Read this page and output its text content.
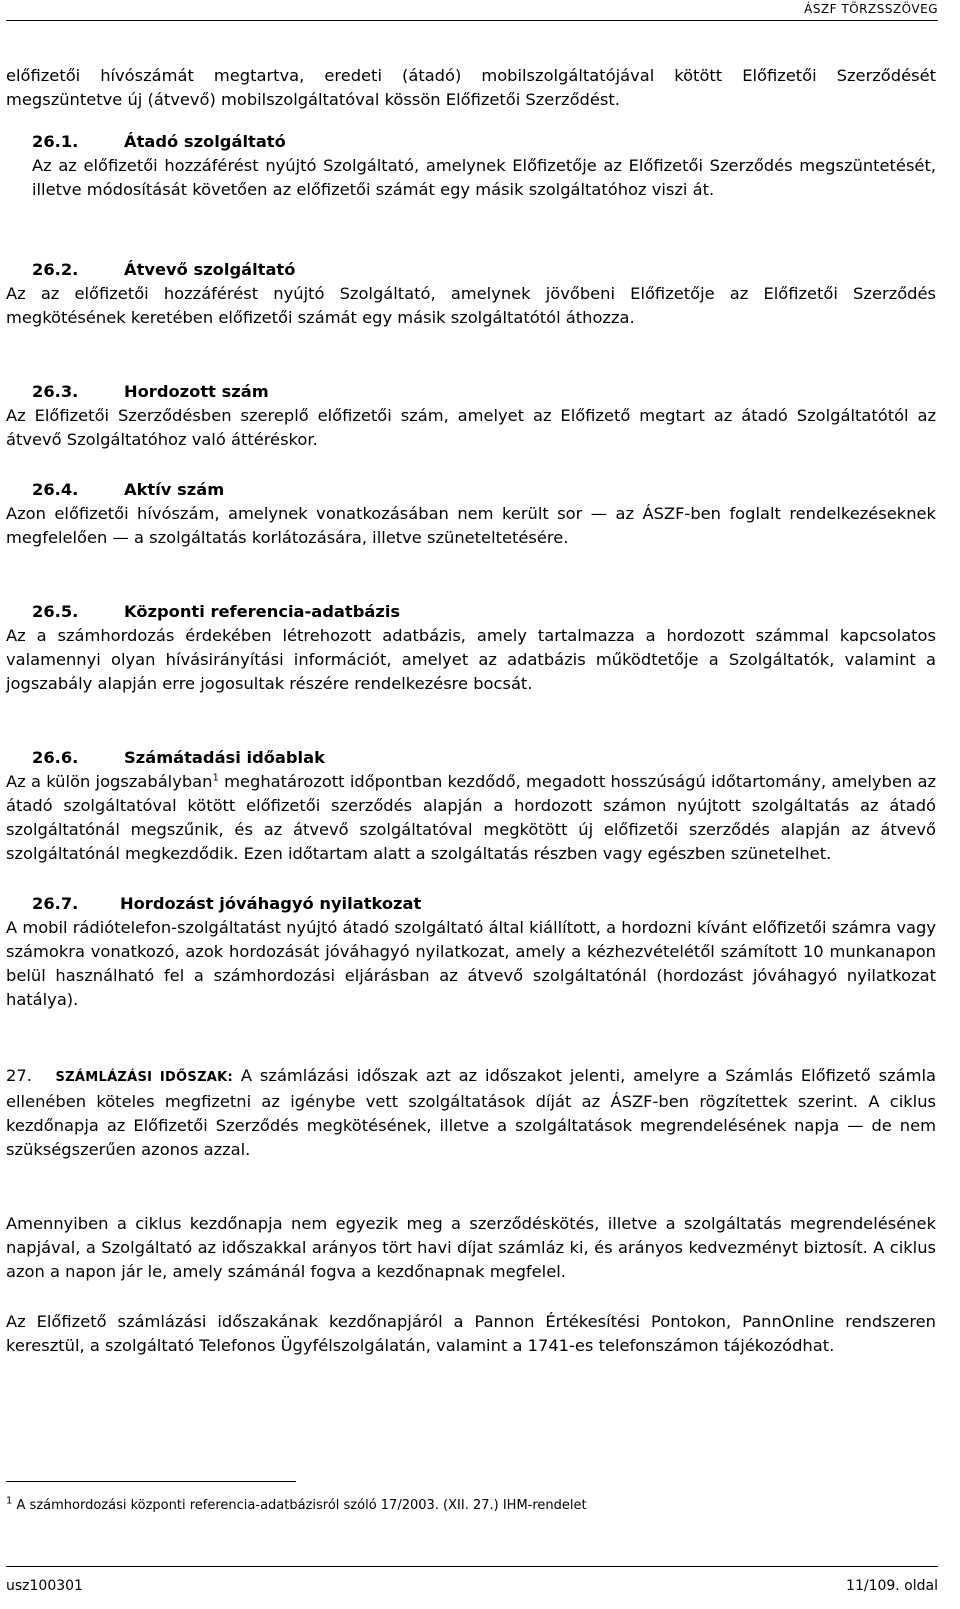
ÁSZF TÖRZSSZÖVEG
előfizetői hívószámát megtartva, eredeti (átadó) mobilszolgáltatójával kötött Előfizetői Szerződését megszüntetve új (átvevő) mobilszolgáltatóval kössön Előfizetői Szerződést.
26.1.	Átadó szolgáltató
Az az előfizetői hozzáférést nyújtó Szolgáltató, amelynek Előfizetője az Előfizetői Szerződés megszüntetését, illetve módosítását követően az előfizetői számát egy másik szolgáltatóhoz viszi át.
26.2.	Átvevő szolgáltató
Az az előfizetői hozzáférést nyújtó Szolgáltató, amelynek jövőbeni Előfizetője az Előfizetői Szerződés megkötésének keretében előfizetői számát egy másik szolgáltatótól áthozza.
26.3.	Hordozott szám
Az Előfizetői Szerződésben szereplő előfizetői szám, amelyet az Előfizető megtart az átadó Szolgáltatótól az átvevő Szolgáltatóhoz való áttéréskor.
26.4.	Aktív szám
Azon előfizetői hívószám, amelynek vonatkozásában nem került sor — az ÁSZF-ben foglalt rendelkezéseknek megfelelően — a szolgáltatás korlátozására, illetve szüneteltetésére.
26.5.	Központi referencia-adatbázis
Az a számhordozás érdekében létrehozott adatbázis, amely tartalmazza a hordozott számmal kapcsolatos valamennyi olyan hívásirányítási információt, amelyet az adatbázis működtetője a Szolgáltatók, valamint a jogszabály alapján erre jogosultak részére rendelkezésre bocsát.
26.6.	Számátadási időablak
Az a külön jogszabályban$^1$ meghatározott időpontban kezdődő, megadott hosszúságú időtartomány, amelyben az átadó szolgáltatóval kötött előfizetői szerződés alapján a hordozott számon nyújtott szolgáltatás az átadó szolgáltatónál megszűnik, és az átvevő szolgáltatóval megkötött új előfizetői szerződés alapján az átvevő szolgáltatónál megkezdődik. Ezen időtartam alatt a szolgáltatás részben vagy egészben szünetelhet.
26.7.	Hordozást jóváhagyó nyilatkozat
A mobil rádiótelefon-szolgáltatást nyújtó átadó szolgáltató által kiállított, a hordozni kívánt előfizetői számra vagy számokra vonatkozó, azok hordozását jóváhagyó nyilatkozat, amely a kézhezvételétől számított 10 munkanapon belül használható fel a számhordozási eljárásban az átvevő szolgáltatónál (hordozást jóváhagyó nyilatkozat hatálya).
27. SZÁMLÁZÁSI IDŐSZAK: A számlázási időszak azt az időszakot jelenti, amelyre a Számlás Előfizető számla ellenében köteles megfizetni az igénybe vett szolgáltatások díját az ÁSZF-ben rögzítettek szerint. A ciklus kezdőnapja az Előfizetői Szerződés megkötésének, illetve a szolgáltatások megrendelésének napja — de nem szükségszerűen azonos azzal.
Amennyiben a ciklus kezdőnapja nem egyezik meg a szerződéskötés, illetve a szolgáltatás megrendelésének napjával, a Szolgáltató az időszakkal arányos tört havi díjat számláz ki, és arányos kedvezményt biztosít. A ciklus azon a napon jár le, amely számánál fogva a kezdőnapnak megfelel.
Az Előfizető számlázási időszakának kezdőnapjáról a Pannon Értékesítési Pontokon, PannOnline rendszeren keresztül, a szolgáltató Telefonos Ügyfélszolgálatán, valamint a 1741-es telefonszámon tájékozódhat.
$^1$ A számhordozási központi referencia-adatbázisról szóló 17/2003. (XII. 27.) IHM-rendelet
usz100301	11/109. oldal
